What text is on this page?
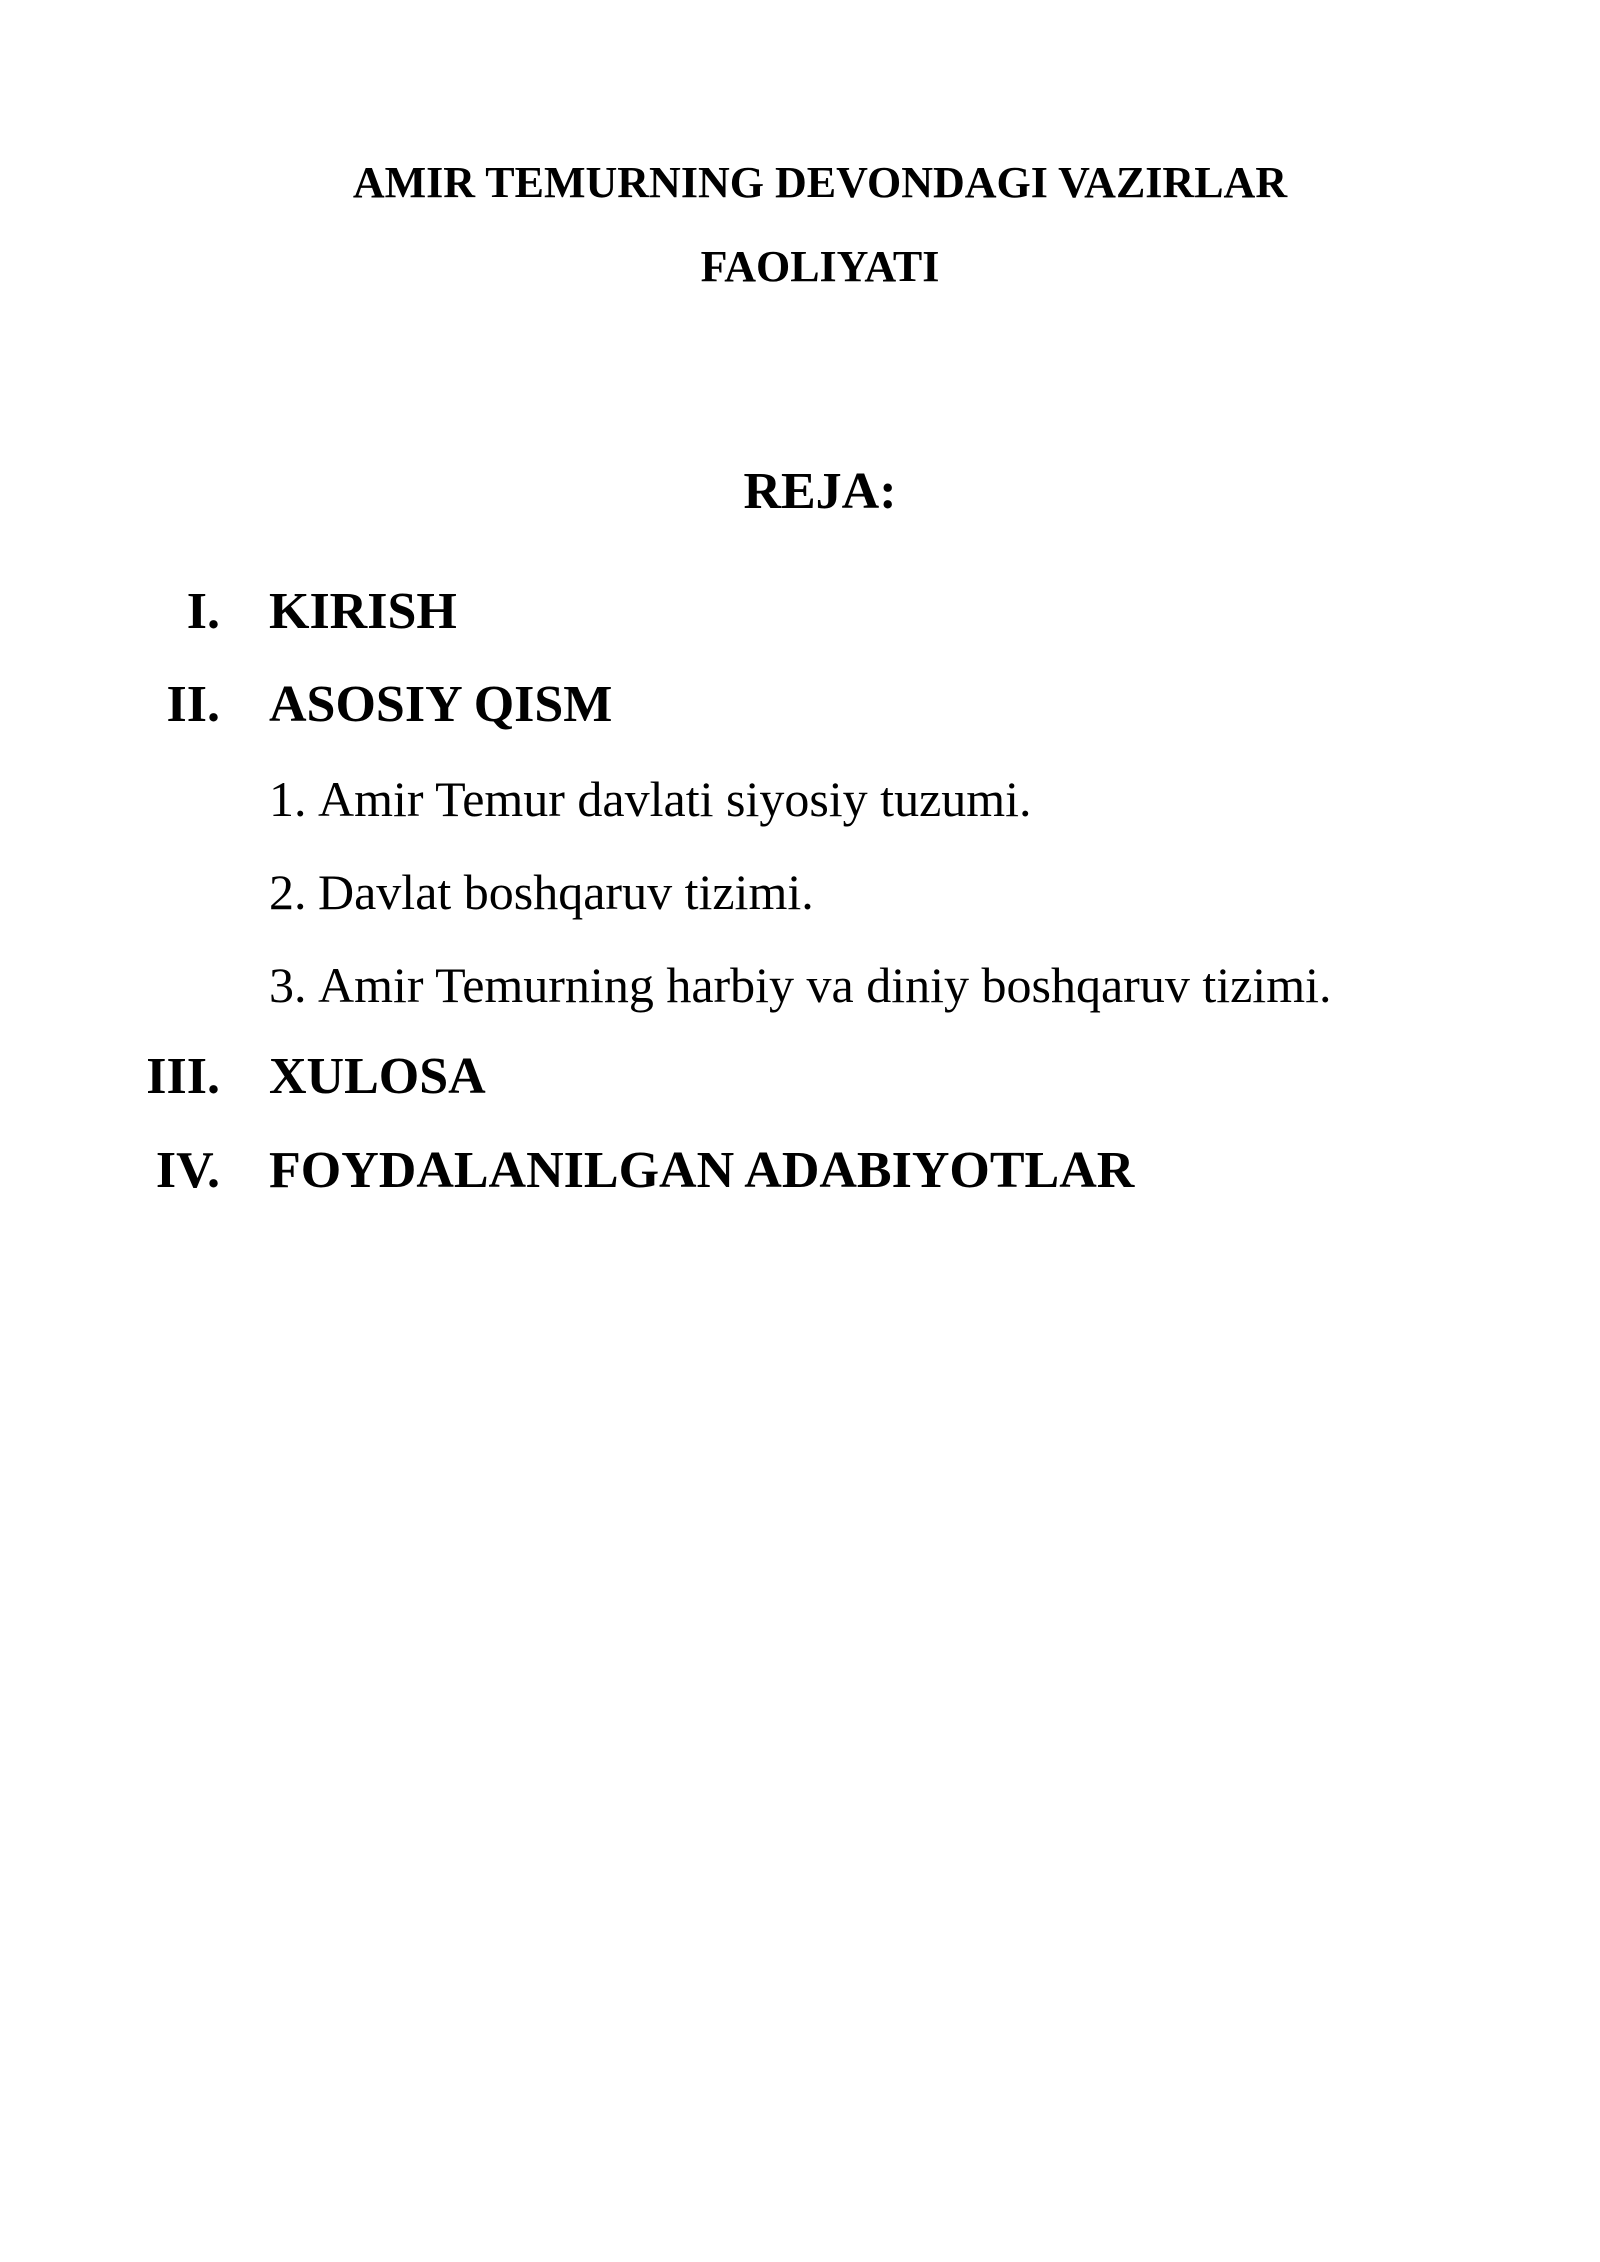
AMIR TEMURNING DEVONDAGI VAZIRLAR
FAOLIYATI
REJA:
I. KIRISH
II. ASOSIY QISM
1. Amir Temur davlati siyosiy tuzumi.
2. Davlat boshqaruv tizimi.
3. Amir Temurning harbiy va diniy boshqaruv tizimi.
III. XULOSA
IV. FOYDALANILGAN ADABIYOTLAR
